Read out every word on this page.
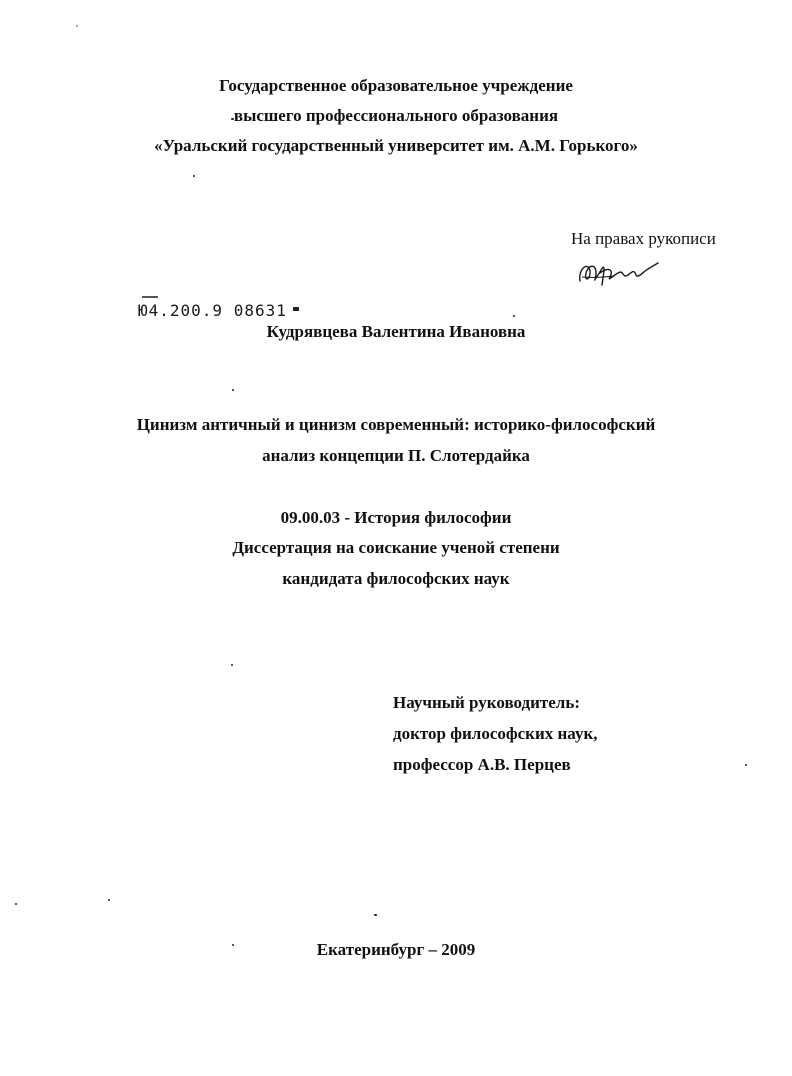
Государственное образовательное учреждение
высшего профессионального образования
«Уральский государственный университет им. А.М. Горького»
На правах рукописи
Ю4.200.9 08631
Кудрявцева Валентина Ивановна
Цинизм античный и цинизм современный: историко-философский
анализ концепции П. Слотердайка
09.00.03 - История философии
Диссертация на соискание ученой степени
кандидата философских наук
Научный руководитель:
доктор философских наук,
профессор А.В. Перцев
Екатеринбург – 2009
